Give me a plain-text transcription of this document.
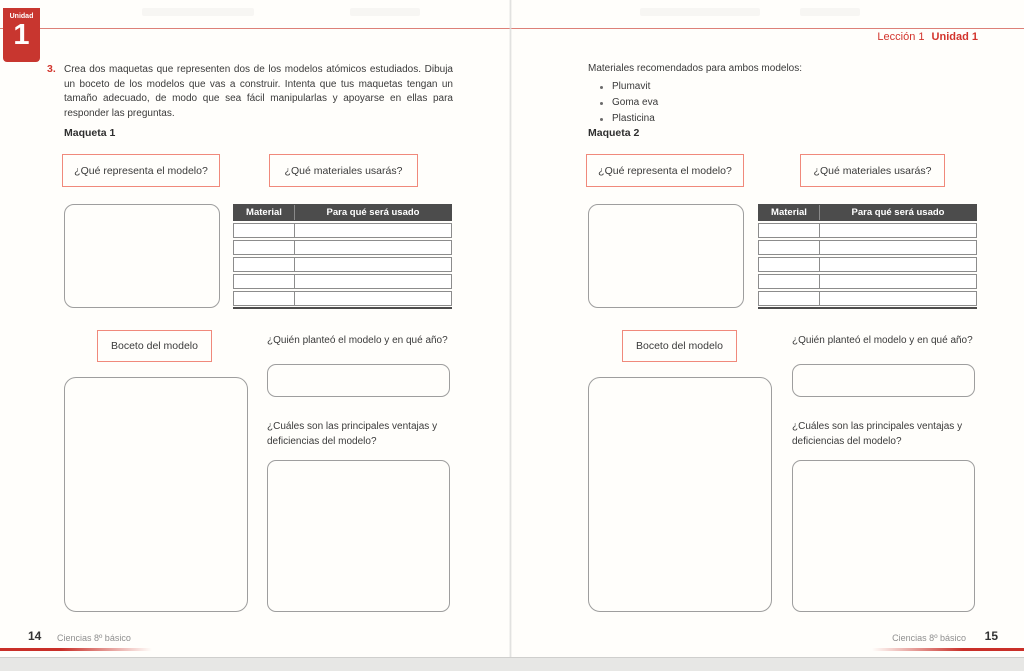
Unidad
1
3. Crea dos maquetas que representen dos de los modelos atómicos estudiados. Dibuja un boceto de los modelos que vas a construir. Intenta que tus maquetas tengan un tamaño adecuado, de modo que sea fácil manipularlas y apoyarse en ellas para responder las preguntas.

Maqueta 1
¿Qué representa el modelo?	¿Qué materiales usarás?
Material	Para qué será usado
Boceto del modelo	¿Quién planteó el modelo y en qué año?

¿Cuáles son las principales ventajas y deficiencias del modelo?

14 Ciencias 8º básico
Lección 1 Unidad 1

Materiales recomendados para ambos modelos:

Plumavit
Goma eva
Plasticina
Maqueta 2
¿Qué representa el modelo?	¿Qué materiales usarás?
Material	Para qué será usado
Boceto del modelo	¿Quién planteó el modelo y en qué año?

¿Cuáles son las principales ventajas y deficiencias del modelo?

Ciencias 8º básico 15
